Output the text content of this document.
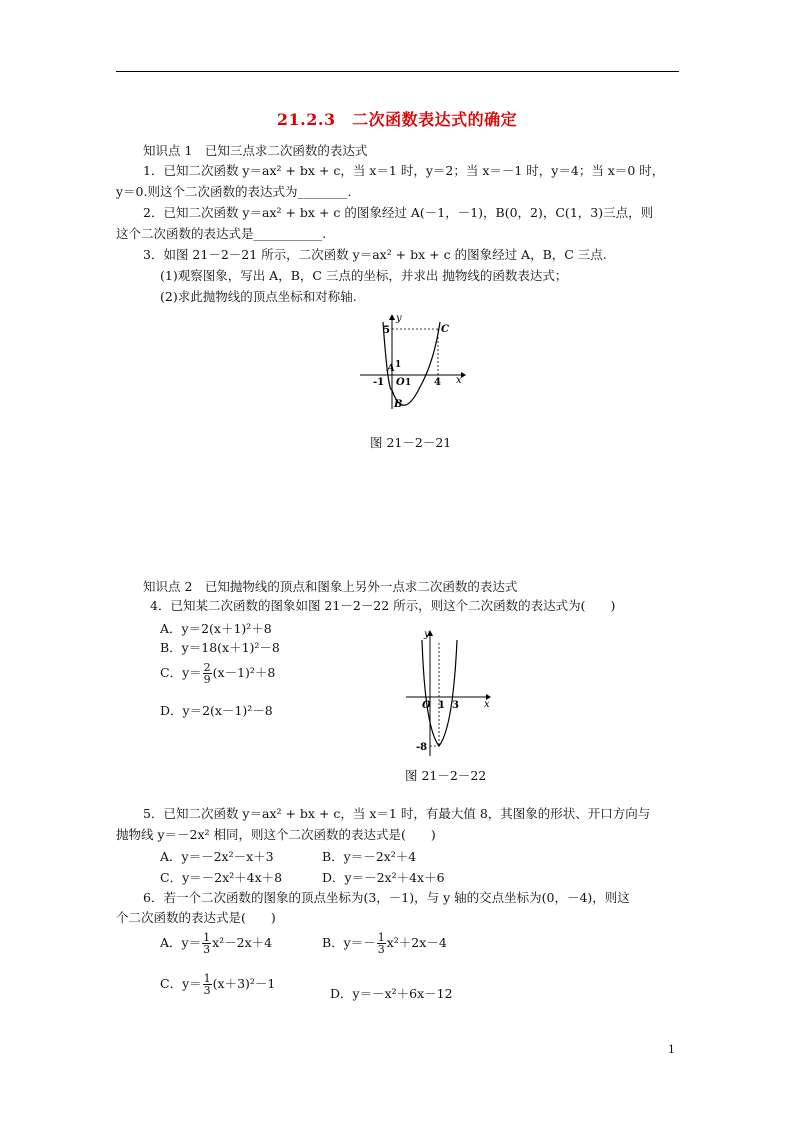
21.2.3　二次函数表达式的确定
知识点 1　已知三点求二次函数的表达式
1．已知二次函数 y＝ax² + bx + c，当 x＝1 时，y＝2；当 x＝－1 时，y＝4；当 x＝0 时，
y＝0.则这个二次函数的表达式为________.
2．已知二次函数 y＝ax² + bx + c 的图象经过 A(－1，－1)，B(0，2)，C(1，3)三点，则
这个二次函数的表达式是___________.
3．如图 21－2－21 所示，二次函数 y＝ax² + bx + c 的图象经过 A，B，C 三点.
(1)观察图象，写出 A，B，C 三点的坐标，并求出 抛物线的函数表达式；
(2)求此抛物线的顶点坐标和对称轴.
y
5	C
1
A
-1 O 1 4 x
B
图 21－2－21
知识点 2　已知抛物线的顶点和图象上另外一点求二次函数的表达式
4．已知某二次函数的图象如图 21－2－22 所示，则这个二次函数的表达式为(　　)
A．y＝2(x＋1)²＋8
B．y＝18(x＋1)²－8
C．$y= \frac{2}{9} (x-1)^2+8$
D．y＝2(x－1)²－8
y
O 1 3	x
-8
图 21－2－22
5．已知二次函数 y＝ax² + bx + c，当 x＝1 时，有最大值 8，其图象的形状、开口方向与
抛物线 y＝－2x² 相同，则这个二次函数的表达式是(　　)
A．y＝－2x²－x＋3	B．y＝－2x²＋4
C．y＝－2x²＋4x＋8	D．y＝－2x²＋4x＋6
6．若一个二次函数的图象的顶点坐标为(3，－1)，与 y 轴的交点坐标为(0，－4)，则这
个二次函数的表达式是(　　)
A．$y= \frac{1}{3} x^2-2x+4$	B．$y=- \frac{1}{3} x^2+2x-4$
C．$y= \frac{1}{3} (x+3)^2-1$
D．y＝－x²＋6x－12
1
